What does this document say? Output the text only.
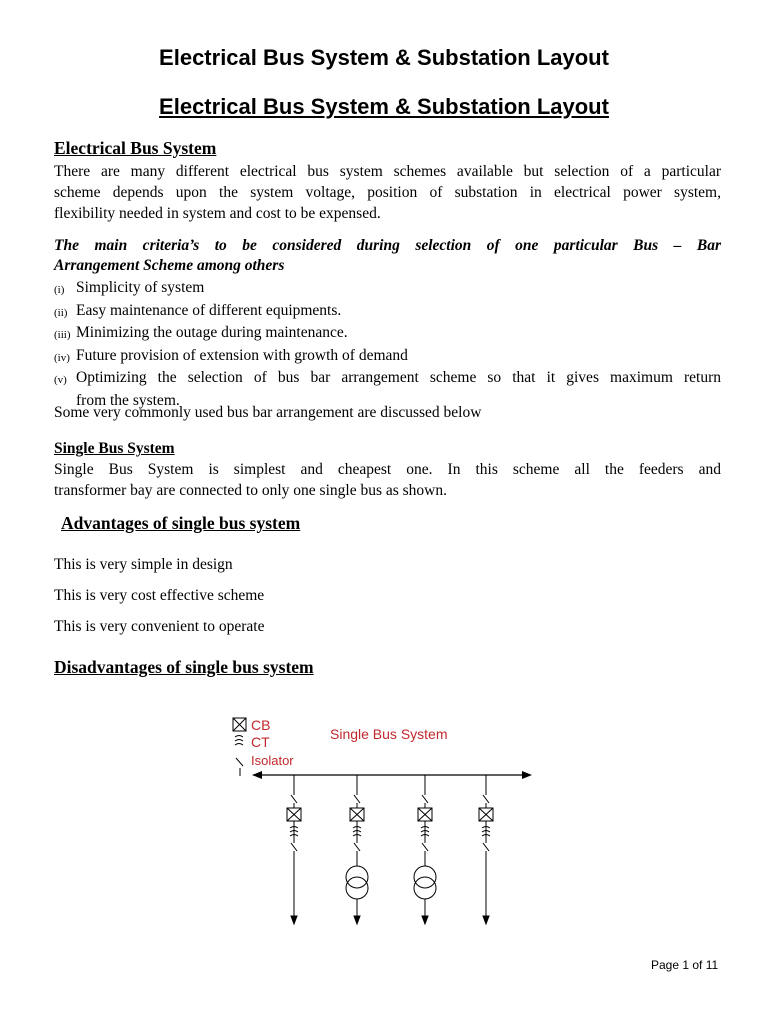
Electrical Bus System & Substation Layout
Electrical Bus System & Substation Layout
Electrical Bus System
There are many different electrical bus system schemes available but selection of a particular
scheme depends upon the system voltage, position of substation in electrical power system,
flexibility needed in system and cost to be expensed.
The main criteria’s to be considered during selection of one particular Bus – Bar
Arrangement Scheme among others
(i) Simplicity of system
(ii) Easy maintenance of different equipments.
(iii) Minimizing the outage during maintenance.
(iv) Future provision of extension with growth of demand
(v) Optimizing the selection of bus bar arrangement scheme so that it gives maximum return
from the system.
Some very commonly used bus bar arrangement are discussed below
Single Bus System
Single Bus System is simplest and cheapest one. In this scheme all the feeders and
transformer bay are connected to only one single bus as shown.
Advantages of single bus system
This is very simple in design
This is very cost effective scheme
This is very convenient to operate
Disadvantages of single bus system
CB
CT
Isolator
Single Bus System
Page 1 of 11
